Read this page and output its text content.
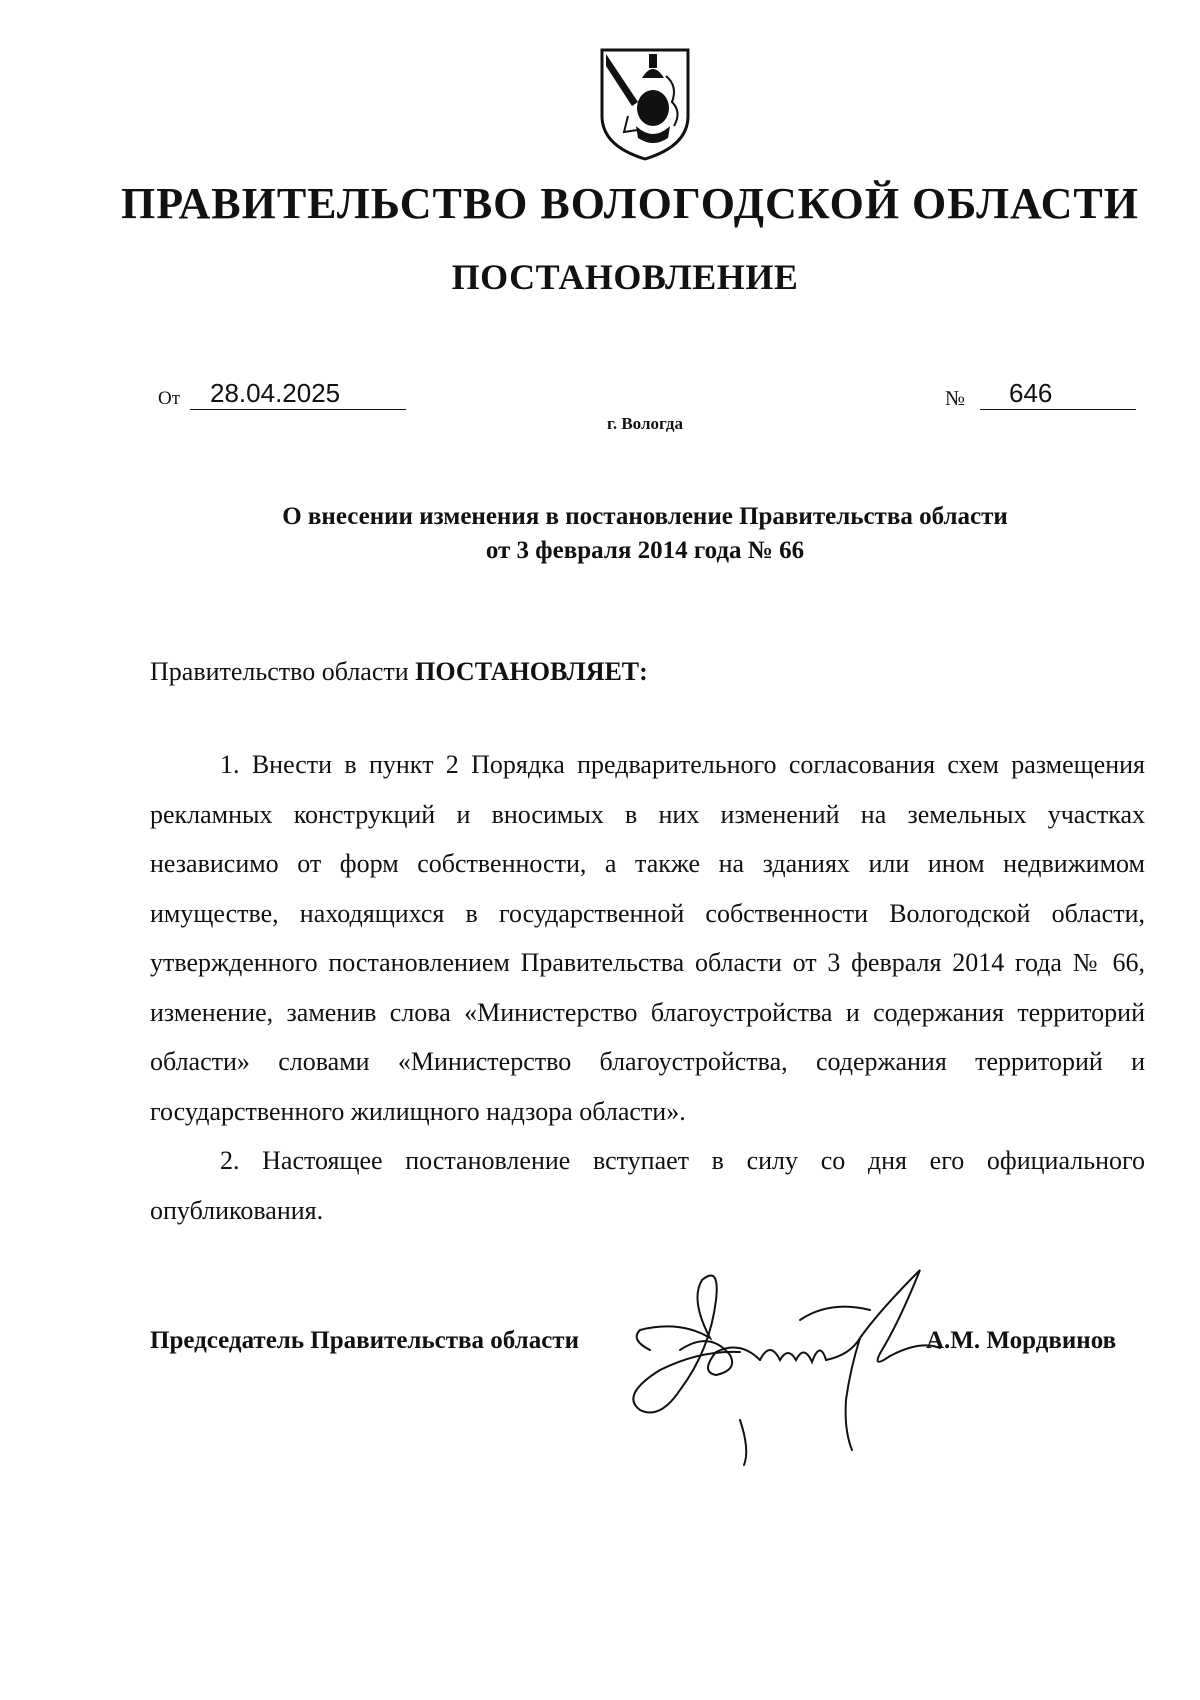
ПРАВИТЕЛЬСТВО ВОЛОГОДСКОЙ ОБЛАСТИ
ПОСТАНОВЛЕНИЕ
От 28.04.2025	№ 646
г. Вологда
О внесении изменения в постановление Правительства области
от 3 февраля 2014 года № 66
Правительство области ПОСТАНОВЛЯЕТ:

1. Внести в пункт 2 Порядка предварительного согласования схем размещения рекламных конструкций и вносимых в них изменений на земельных участках независимо от форм собственности, а также на зданиях или ином недвижимом имуществе, находящихся в государственной собственности Вологодской области, утвержденного постановлением Правительства области от 3 февраля 2014 года № 66, изменение, заменив слова «Министерство благоустройства и содержания территорий области» словами «Министерство благоустройства, содержания территорий и государственного жилищного надзора области».

2. Настоящее постановление вступает в силу со дня его официального опубликования.

Председатель Правительства области	А.М. Мордвинов
